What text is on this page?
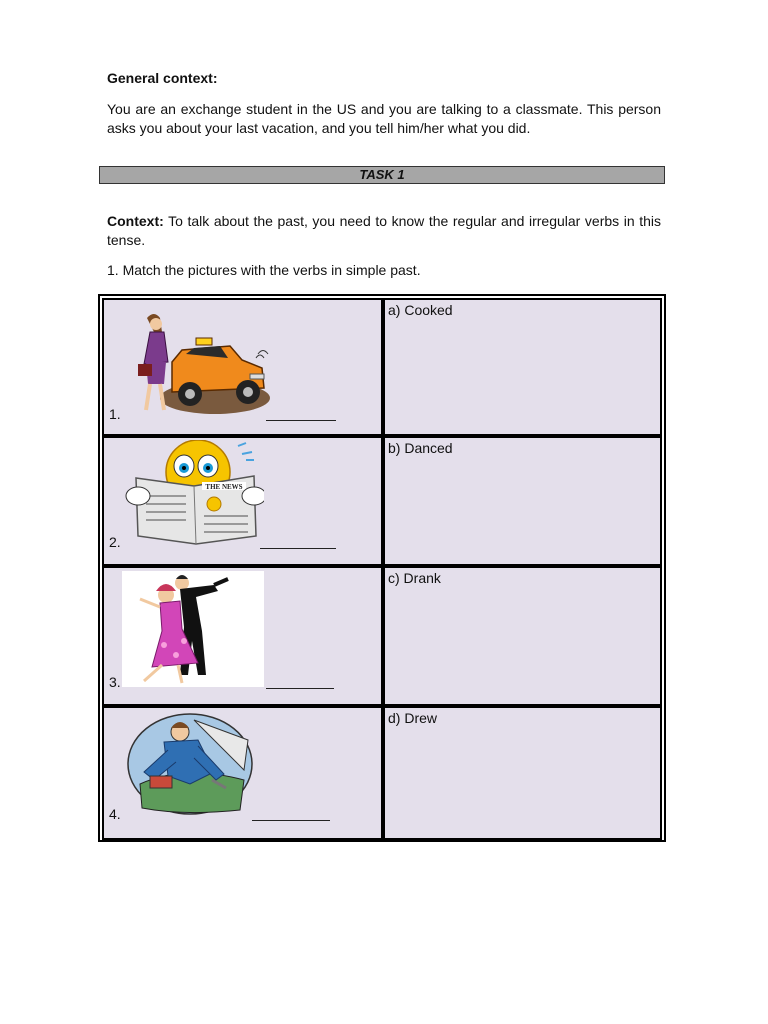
General context:
You are an exchange student in the US and you are talking to a classmate. This person asks you about your last vacation, and you tell him/her what you did.
TASK 1
Context: To talk about the past, you need to know the regular and irregular verbs in this tense.
1. Match the pictures with the verbs in simple past.
1.
a) Cooked
THE NEWS
2.
b) Danced
3.
c) Drank
4.
d) Drew
